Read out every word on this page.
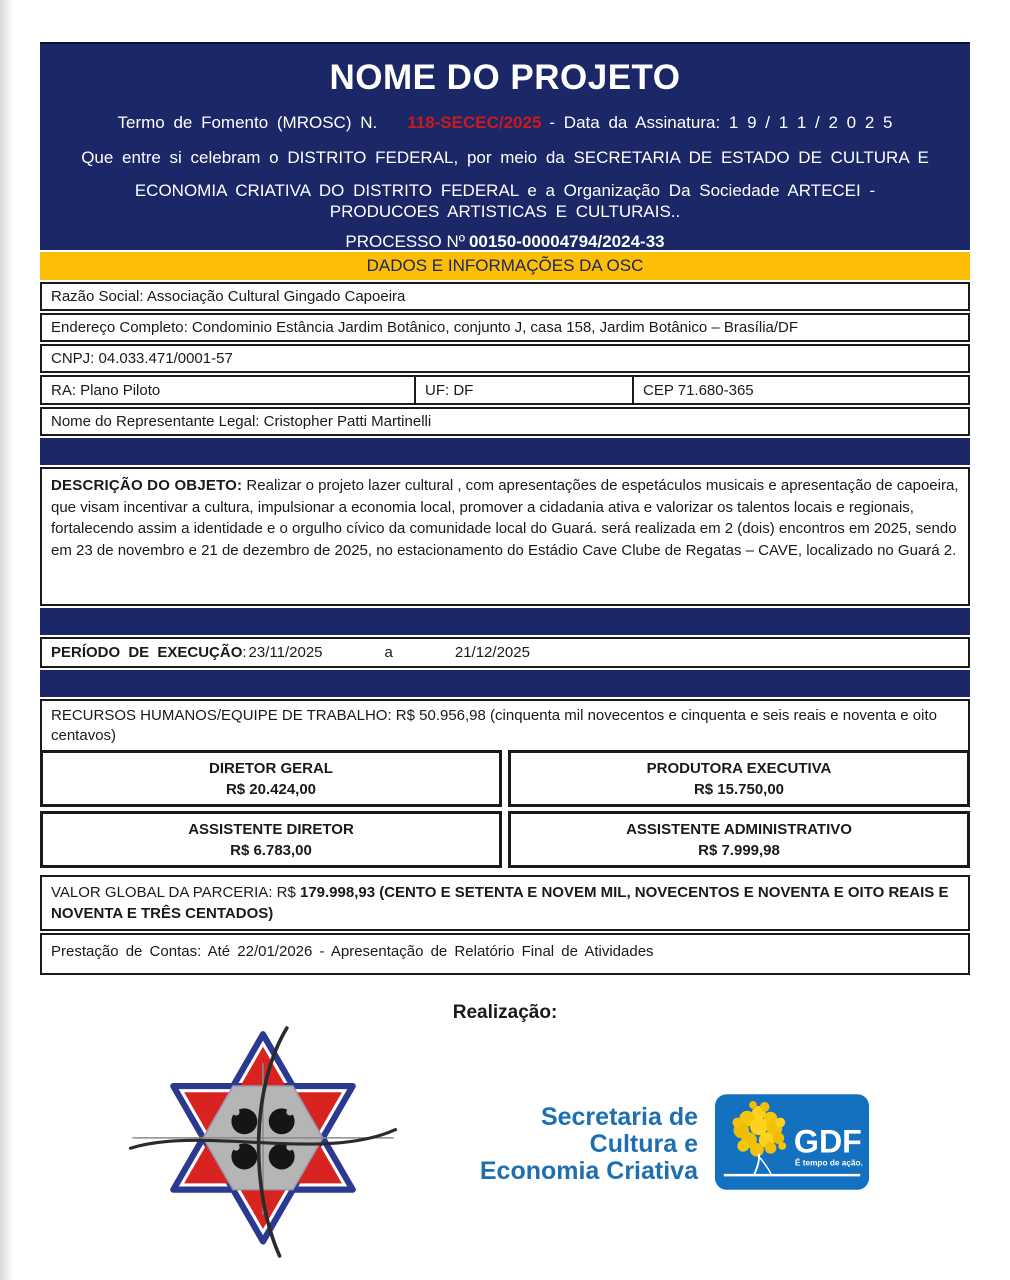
NOME DO PROJETO
Termo de Fomento (MROSC) N. 118-SECEC/2025 - Data da Assinatura: 1 9 / 1 1 / 2 0 2 5
Que entre si celebram o DISTRITO FEDERAL, por meio da SECRETARIA DE ESTADO DE CULTURA E
ECONOMIA CRIATIVA DO DISTRITO FEDERAL e a Organização Da Sociedade ARTECEI -
PRODUCOES ARTISTICAS E CULTURAIS..
PROCESSO Nº 00150-00004794/2024-33
DADOS E INFORMAÇÕES DA OSC
Razão Social: Associação Cultural Gingado Capoeira
Endereço Completo: Condominio Estância Jardim Botânico, conjunto J, casa 158, Jardim Botânico – Brasília/DF
CNPJ: 04.033.471/0001-57
RA: Plano Piloto	UF: DF	CEP 71.680-365
Nome do Representante Legal: Cristopher Patti Martinelli
DESCRIÇÃO DO OBJETO: Realizar o projeto lazer cultural , com apresentações de espetáculos musicais e apresentação de capoeira, que visam incentivar a cultura, impulsionar a economia local, promover a cidadania ativa e valorizar os talentos locais e regionais, fortalecendo assim a identidade e o orgulho cívico da comunidade local do Guará. será realizada em 2 (dois) encontros em 2025, sendo em 23 de novembro e 21 de dezembro de 2025, no estacionamento do Estádio Cave Clube de Regatas – CAVE, localizado no Guará 2.
PERÍODO DE EXECUÇÃO : 23/11/2025	a	21/12/2025
RECURSOS HUMANOS/EQUIPE DE TRABALHO: R$ 50.956,98 (cinquenta mil novecentos e cinquenta e seis reais e noventa e oito centavos)
DIRETOR GERAL
R$ 20.424,00
PRODUTORA EXECUTIVA
R$ 15.750,00
ASSISTENTE DIRETOR
R$ 6.783,00
ASSISTENTE ADMINISTRATIVO
R$ 7.999,98
VALOR GLOBAL DA PARCERIA: R$ 179.998,93 (CENTO E SETENTA E NOVEM MIL, NOVECENTOS E NOVENTA E OITO REAIS E NOVENTA E TRÊS CENTADOS)
Prestação de Contas: Até 22/01/2026 - Apresentação de Relatório Final de Atividades
Realização:
Secretaria de
Cultura e
Economia Criativa
GDF
É tempo de ação.
